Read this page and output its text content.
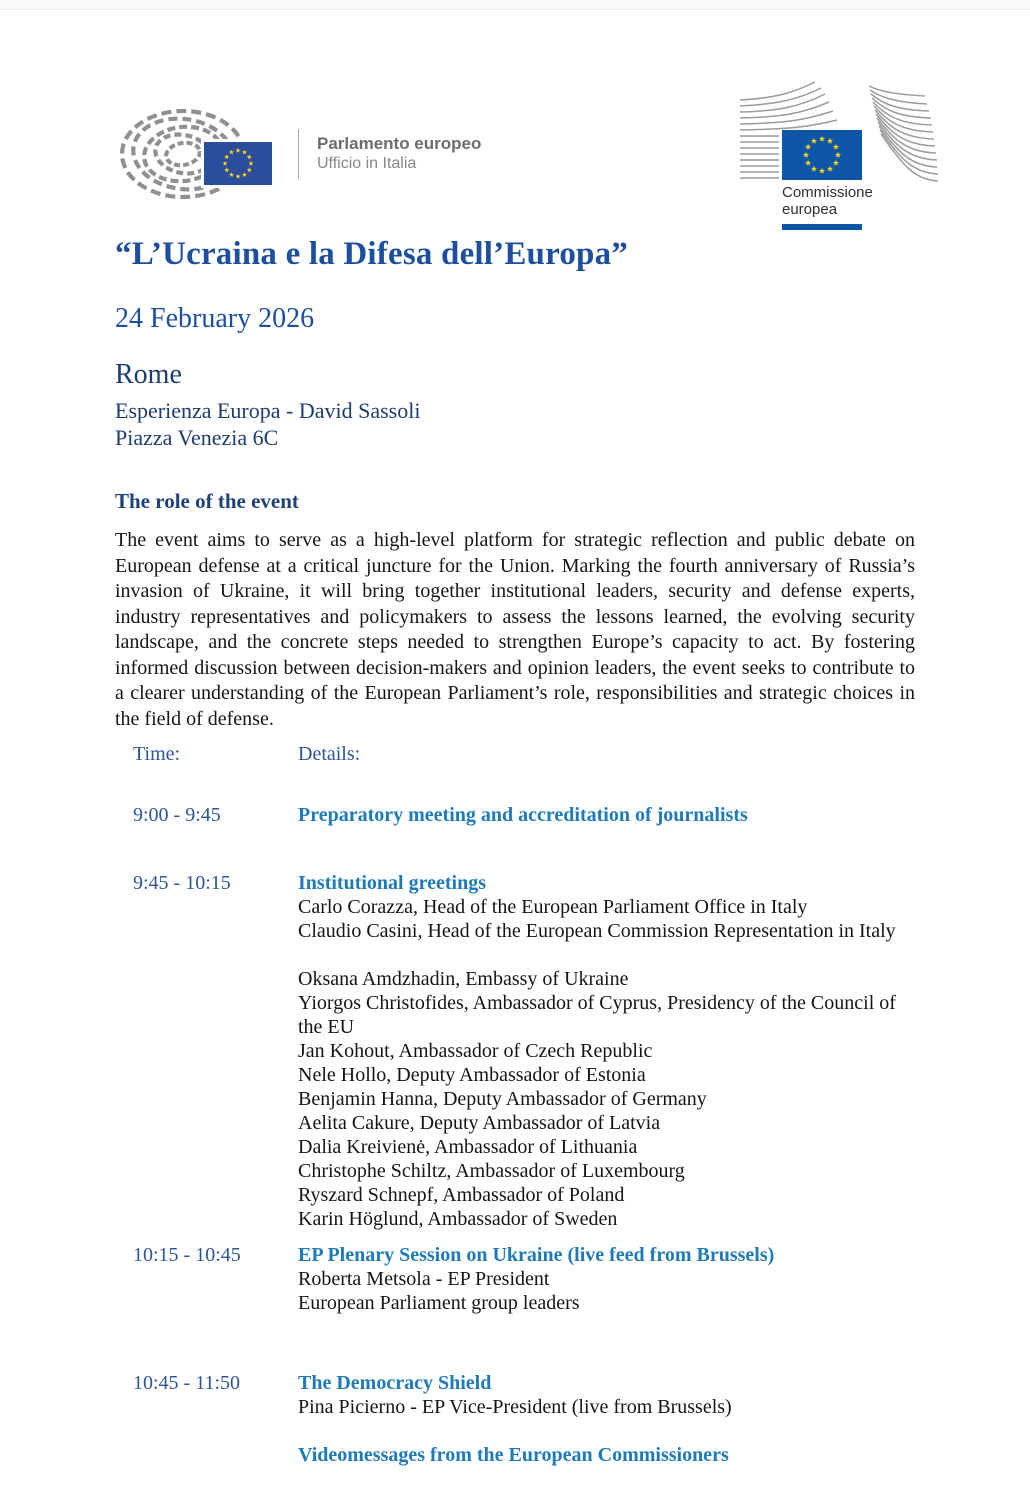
Parlamento europeo
Ufficio in Italia
Commissione europea
“L’Ucraina e la Difesa dell’Europa”
24 February 2026
Rome
Esperienza Europa - David Sassoli
Piazza Venezia 6C
The role of the event
The event aims to serve as a high-level platform for strategic reflection and public debate on European defense at a critical juncture for the Union. Marking the fourth anniversary of Russia’s invasion of Ukraine, it will bring together institutional leaders, security and defense experts, industry representatives and policymakers to assess the lessons learned, the evolving security landscape, and the concrete steps needed to strengthen Europe’s capacity to act. By fostering informed discussion between decision-makers and opinion leaders, the event seeks to contribute to a clearer understanding of the European Parliament’s role, responsibilities and strategic choices in the field of defense.
Time:	Details:
9:00 - 9:45	Preparatory meeting and accreditation of journalists
9:45 - 10:15	Institutional greetings
Carlo Corazza, Head of the European Parliament Office in Italy
Claudio Casini, Head of the European Commission Representation in Italy
Oksana Amdzhadin, Embassy of Ukraine
Yiorgos Christofides, Ambassador of Cyprus, Presidency of the Council of the EU
Jan Kohout, Ambassador of Czech Republic
Nele Hollo, Deputy Ambassador of Estonia
Benjamin Hanna, Deputy Ambassador of Germany
Aelita Cakure, Deputy Ambassador of Latvia
Dalia Kreivienė, Ambassador of Lithuania
Christophe Schiltz, Ambassador of Luxembourg
Ryszard Schnepf, Ambassador of Poland
Karin Höglund, Ambassador of Sweden
10:15 - 10:45	EP Plenary Session on Ukraine (live feed from Brussels)
Roberta Metsola - EP President
European Parliament group leaders
10:45 - 11:50	The Democracy Shield
Pina Picierno - EP Vice-President (live from Brussels)
Videomessages from the European Commissioners
